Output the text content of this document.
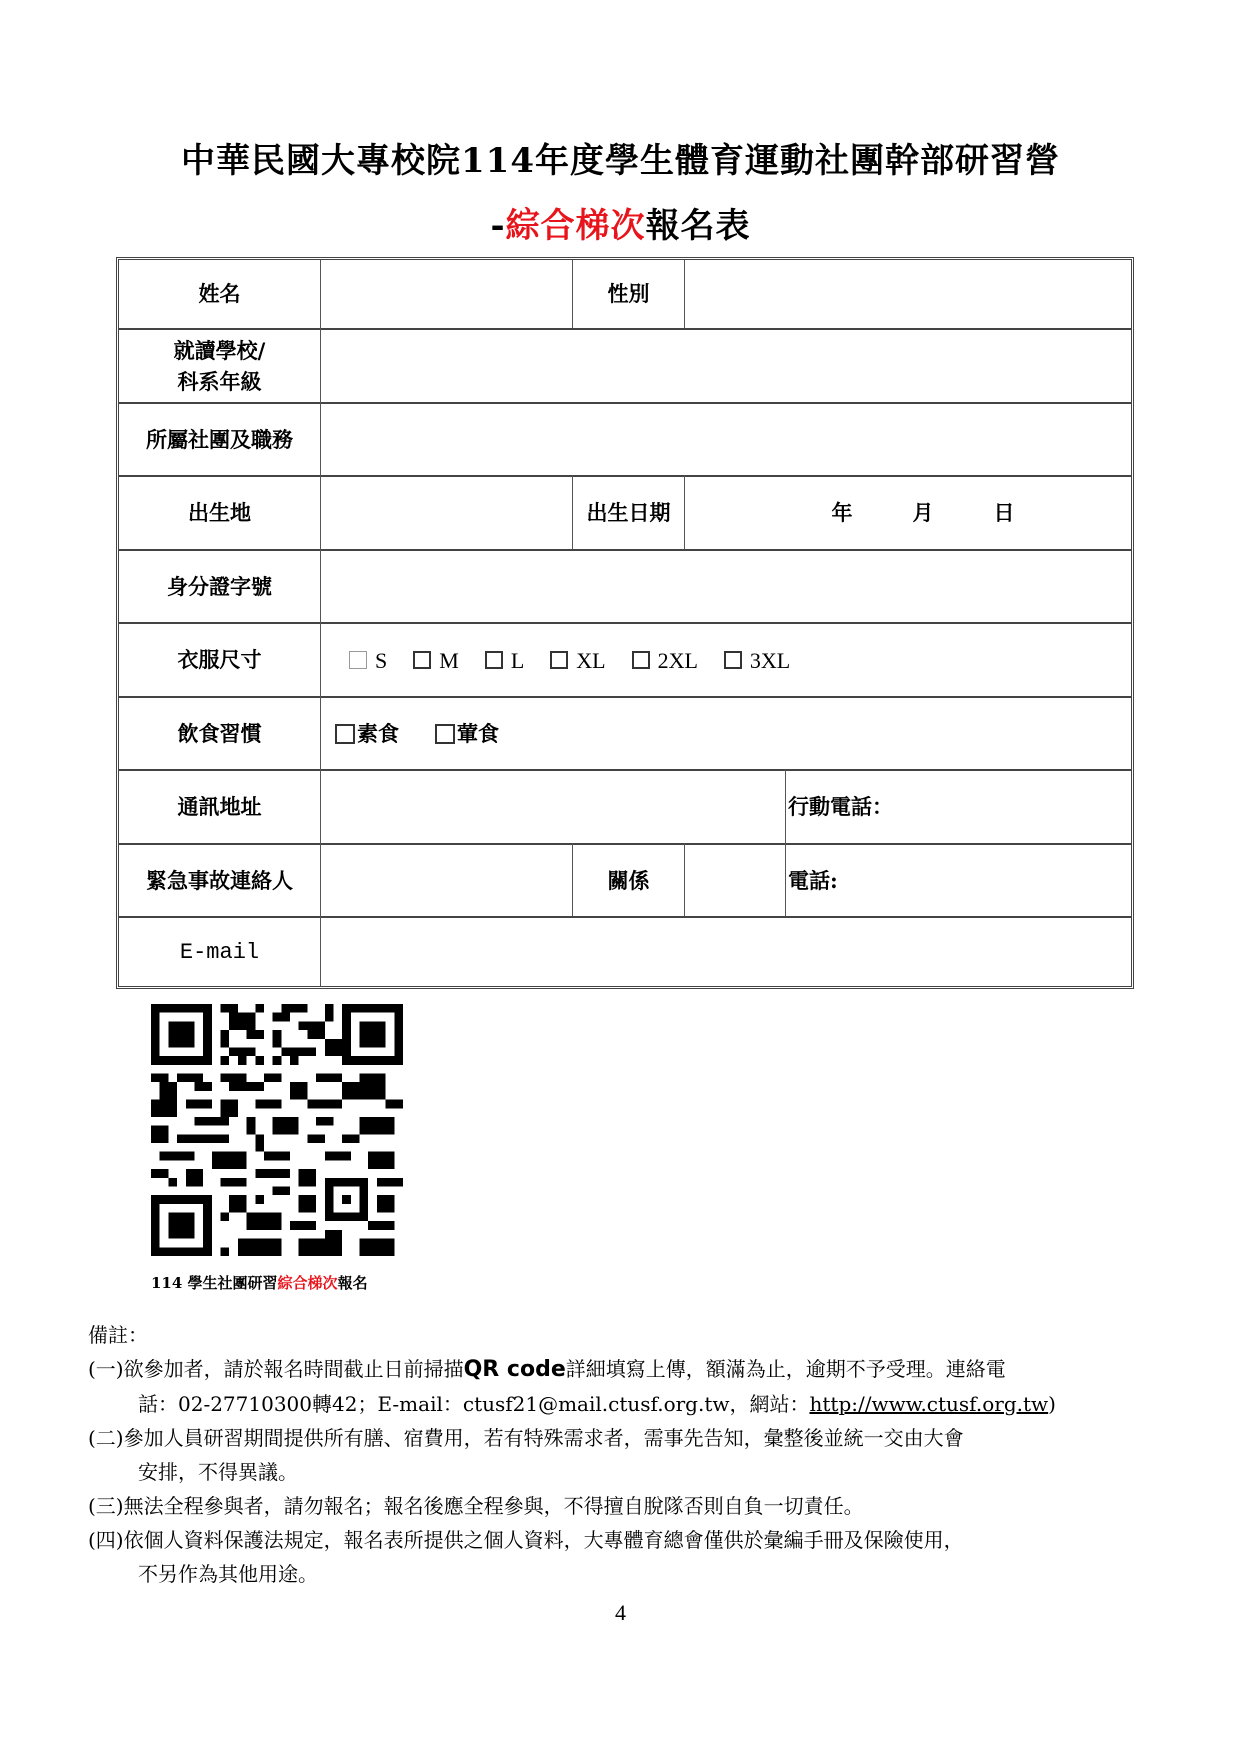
中華民國大專校院114年度學生體育運動社團幹部研習營
-綜合梯次報名表
姓名	性別
就讀學校/
科系年級
所屬社團及職務
出生地	出生日期	年	月	日
身分證字號
衣服尺寸	S M L XL 2XL 3XL
飲食習慣	素食	葷食
通訊地址	行動電話：
緊急事故連絡人	關係	電話:
E-mail
114 學生社團研習綜合梯次報名
備註：
(一)欲參加者，請於報名時間截止日前掃描QR code詳細填寫上傳，額滿為止，逾期不予受理。連絡電
話：02-27710300轉42；E-mail：ctusf21@mail.ctusf.org.tw，網站：http://www.ctusf.org.tw)
(二)參加人員研習期間提供所有膳、宿費用，若有特殊需求者，需事先告知，彙整後並統一交由大會
安排，不得異議。
(三)無法全程參與者，請勿報名；報名後應全程參與，不得擅自脫隊否則自負一切責任。
(四)依個人資料保護法規定，報名表所提供之個人資料，大專體育總會僅供於彙編手冊及保險使用，
不另作為其他用途。
4
